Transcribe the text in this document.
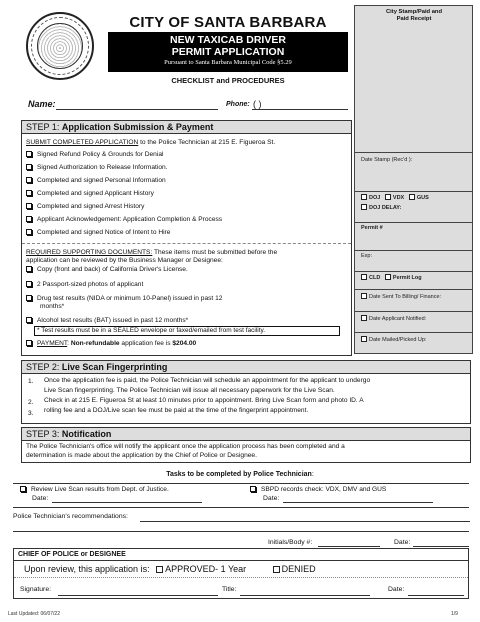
CITY OF SANTA BARBARA
NEW TAXICAB DRIVER
PERMIT APPLICATION
Pursuant to Santa Barbara Municipal Code §5.29
CHECKLIST and PROCEDURES
Name:	Phone: ( )
City Stamp/Paid and Paid Receipt
Date Stamp (Rec'd ):
DOJ VDX GUS
DOJ DELAY:
Permit #
Exp:
CLD Permit Log
Date Sent To Billing/ Finance:
Date Applicant Notified:
Date Mailed/Picked Up:
STEP 1: Application Submission & Payment
SUBMIT COMPLETED APPLICATION to the Police Technician at 215 E. Figueroa St.
Signed Refund Policy & Grounds for Denial
Signed Authorization to Release Information.
Completed and signed Personal Information
Completed and signed Applicant History
Completed and signed Arrest History
Applicant Acknowledgement: Application Completion & Process
Completed and signed Notice of Intent to Hire
REQUIRED SUPPORTING DOCUMENTS: These items must be submitted before the
application can be reviewed by the Business Manager or Designee:
Copy (front and back) of California Driver's License.
2 Passport-sized photos of applicant
Drug test results (NIDA or minimum 10-Panel) issued in past 12
months*
Alcohol test results (BAT) issued in past 12 months*
* Test results must be in a SEALED envelope or faxed/emailed from test facility.
PAYMENT: Non-refundable application fee is $204.00
STEP 2: Live Scan Fingerprinting
1.
2.
3.
Once the application fee is paid, the Police Technician will schedule an appointment for the applicant to undergo
Live Scan fingerprinting. The Police Technician will issue all necessary paperwork for the Live Scan.
Check in at 215 E. Figueroa St at least 10 minutes prior to appointment. Bring Live Scan form and photo ID. A
rolling fee and a DOJ/Live scan fee must be paid at the time of the fingerprint appointment.
STEP 3: Notification
The Police Technician's office will notify the applicant once the application process has been completed and a
determination is made about the application by the Chief of Police or Designee.
Tasks to be completed by Police Technician:
Review Live Scan results from Dept. of Justice.
Date:
SBPD records check: VDX, DMV and GUS
Date:
Police Technician's recommendations:
Initials/Body #:	Date:
CHIEF OF POLICE or DESIGNEE
Upon review, this application is: APPROVED- 1 Year	DENIED
Signature:	Title:	Date:
Last Updated: 06/07/22	1/9
